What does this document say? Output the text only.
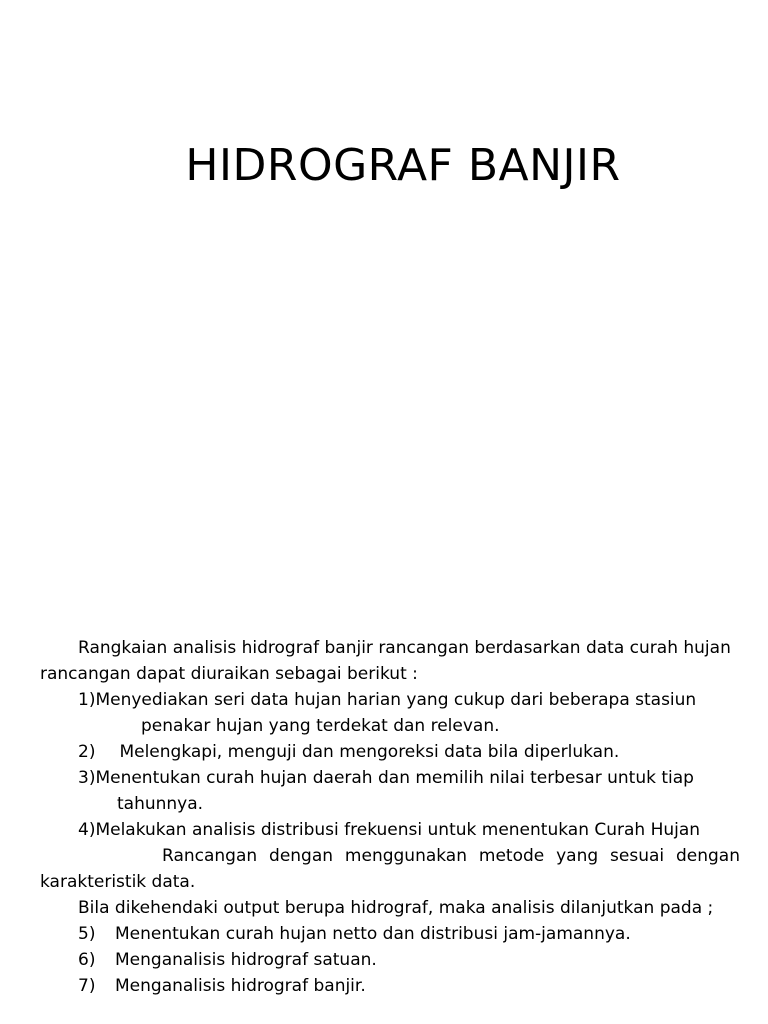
HIDROGRAF BANJIR
Rangkaian analisis hidrograf banjir rancangan berdasarkan data curah hujan
rancangan dapat diuraikan sebagai berikut :
1)Menyediakan seri data hujan harian yang cukup dari beberapa stasiun
penakar hujan yang terdekat dan relevan.
2) Melengkapi, menguji dan mengoreksi data bila diperlukan.
3)Menentukan curah hujan daerah dan memilih nilai terbesar untuk tiap
tahunnya.
4)Melakukan analisis distribusi frekuensi untuk menentukan Curah Hujan
Rancangan dengan menggunakan metode yang sesuai dengan
karakteristik data.
Bila dikehendaki output berupa hidrograf, maka analisis dilanjutkan pada ;
5) Menentukan curah hujan netto dan distribusi jam-jamannya.
6) Menganalisis hidrograf satuan.
7) Menganalisis hidrograf banjir.
